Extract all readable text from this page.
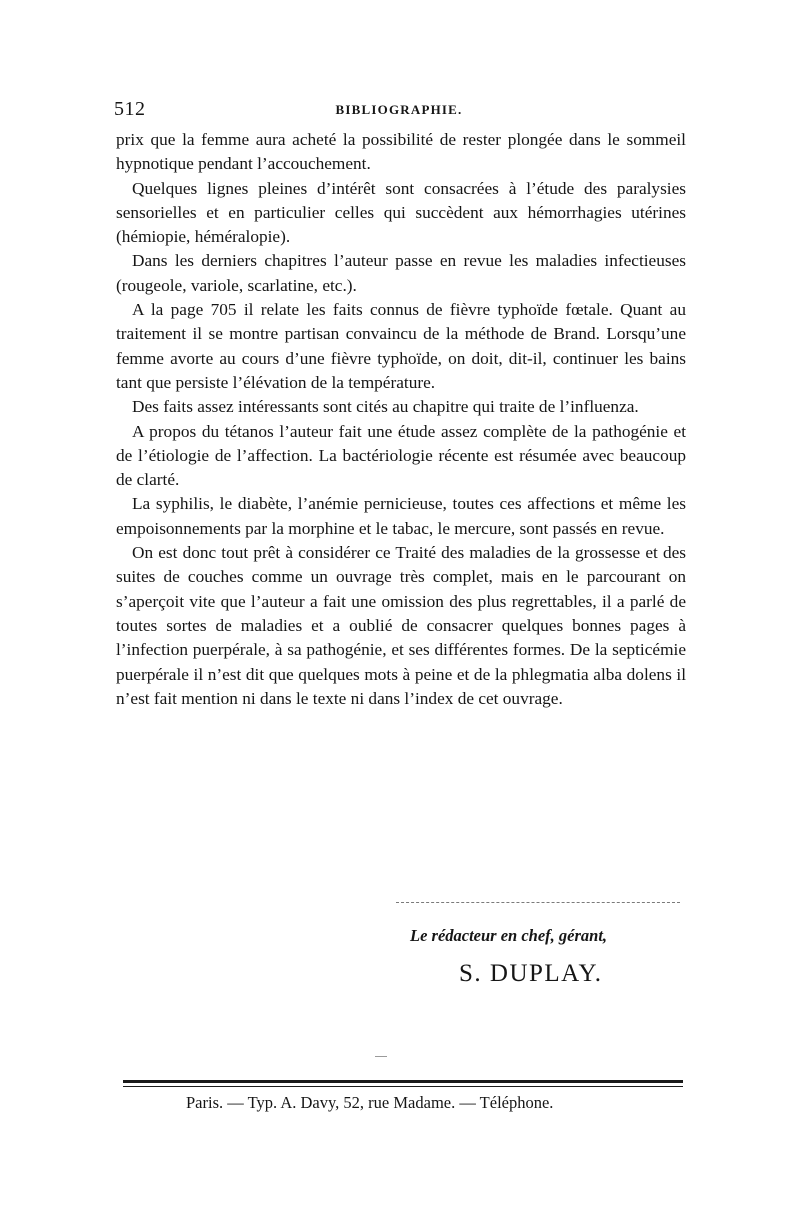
512	BIBLIOGRAPHIE.

prix que la femme aura acheté la possibilité de rester plongée dans le sommeil hypnotique pendant l’accouchement.

Quelques lignes pleines d’intérêt sont consacrées à l’étude des paralysies sensorielles et en particulier celles qui succèdent aux hémorrhagies utérines (hémiopie, héméralopie).

Dans les derniers chapitres l’auteur passe en revue les maladies infectieuses (rougeole, variole, scarlatine, etc.).

A la page 705 il relate les faits connus de fièvre typhoïde fœtale. Quant au traitement il se montre partisan convaincu de la méthode de Brand. Lorsqu’une femme avorte au cours d’une fièvre typhoïde, on doit, dit-il, continuer les bains tant que persiste l’élévation de la température.

Des faits assez intéressants sont cités au chapitre qui traite de l’influenza.

A propos du tétanos l’auteur fait une étude assez complète de la pathogénie et de l’étiologie de l’affection. La bactériologie récente est résumée avec beaucoup de clarté.

La syphilis, le diabète, l’anémie pernicieuse, toutes ces affections et même les empoisonnements par la morphine et le tabac, le mercure, sont passés en revue.

On est donc tout prêt à considérer ce Traité des maladies de la grossesse et des suites de couches comme un ouvrage très complet, mais en le parcourant on s’aperçoit vite que l’auteur a fait une omission des plus regrettables, il a parlé de toutes sortes de maladies et a oublié de consacrer quelques bonnes pages à l’infection puerpérale, à sa pathogénie, et ses différentes formes. De la septicémie puerpérale il n’est dit que quelques mots à peine et de la phlegmatia alba dolens il n’est fait mention ni dans le texte ni dans l’index de cet ouvrage.

Le rédacteur en chef, gérant,
S. DUPLAY.
Paris. — Typ. A. Davy, 52, rue Madame. — Téléphone.
